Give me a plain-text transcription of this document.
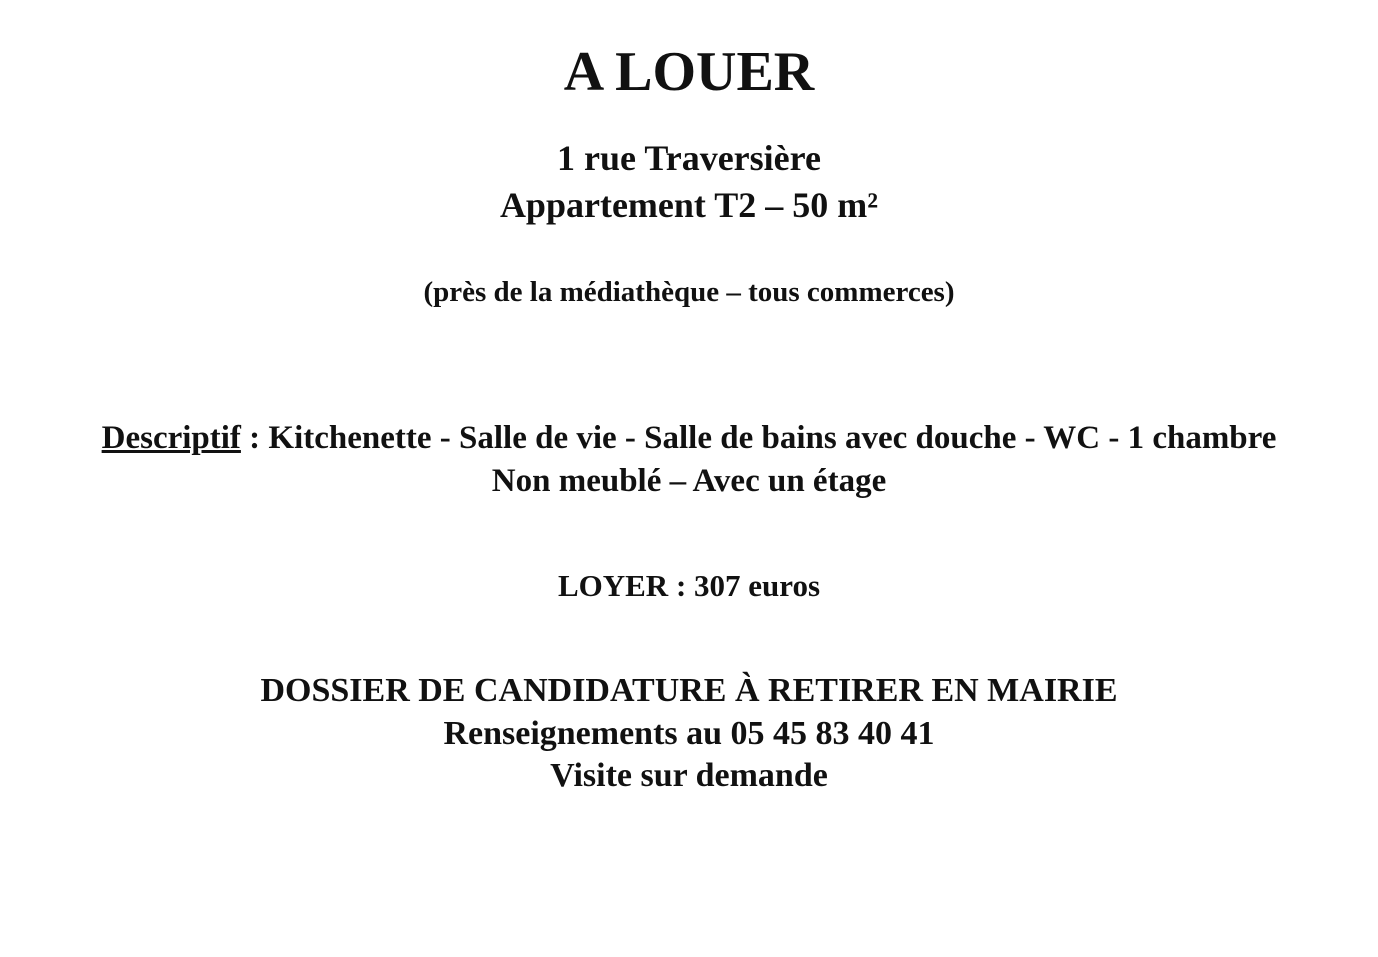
A LOUER
1 rue Traversière
Appartement T2 – 50 m²
(près de la médiathèque – tous commerces)
Descriptif : Kitchenette - Salle de vie - Salle de bains avec douche - WC - 1 chambre
Non meublé – Avec un étage
LOYER : 307 euros
DOSSIER DE CANDIDATURE À RETIRER EN MAIRIE
Renseignements au 05 45 83 40 41
Visite sur demande
